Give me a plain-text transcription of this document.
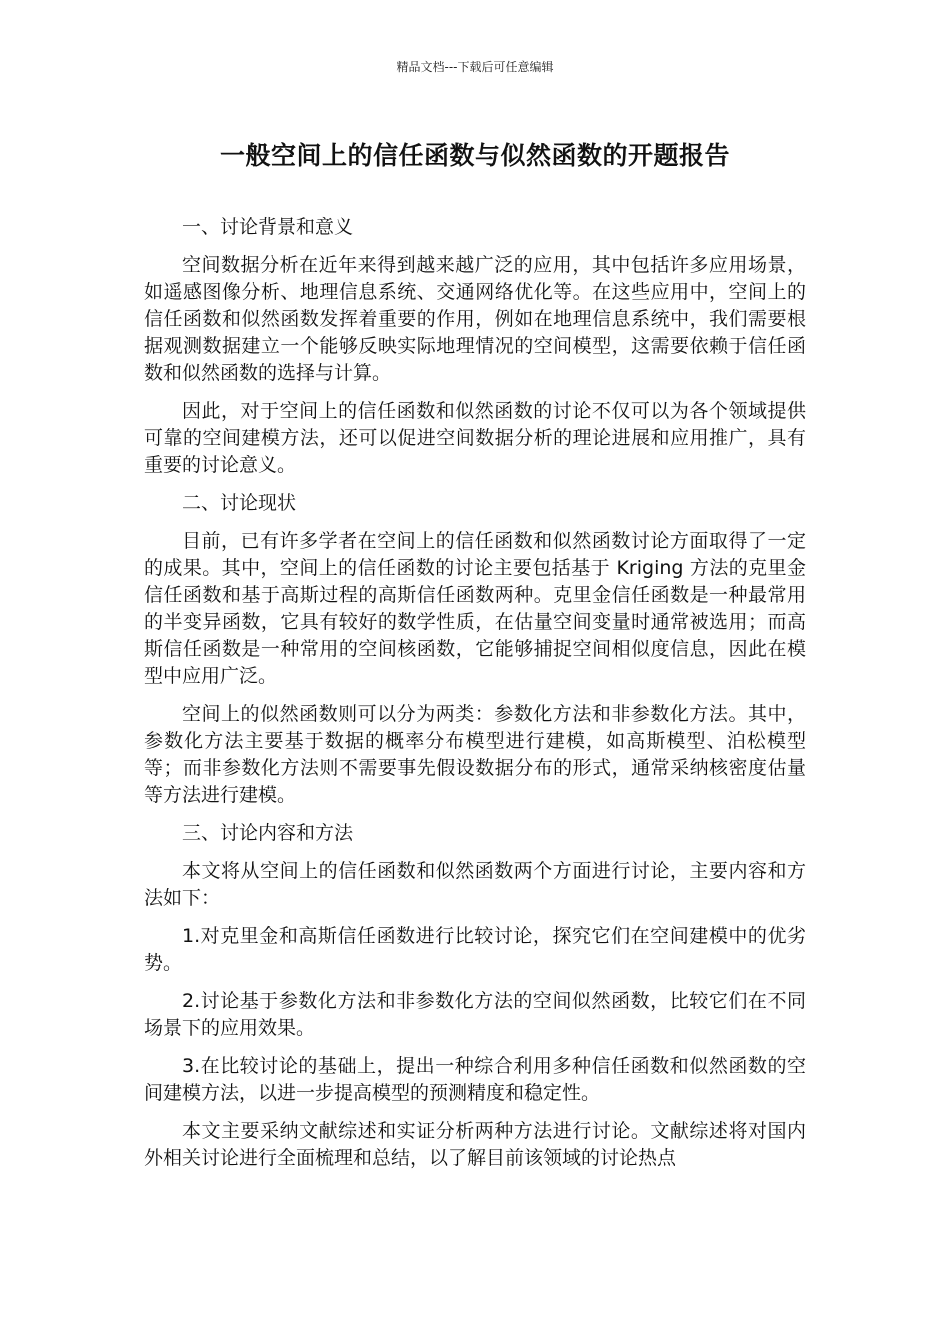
精品文档---下载后可任意编辑
一般空间上的信任函数与似然函数的开题报告

一、讨论背景和意义

空间数据分析在近年来得到越来越广泛的应用，其中包括许多应用场景，如遥感图像分析、地理信息系统、交通网络优化等。在这些应用中，空间上的信任函数和似然函数发挥着重要的作用，例如在地理信息系统中，我们需要根据观测数据建立一个能够反映实际地理情况的空间模型，这需要依赖于信任函数和似然函数的选择与计算。

因此，对于空间上的信任函数和似然函数的讨论不仅可以为各个领域提供可靠的空间建模方法，还可以促进空间数据分析的理论进展和应用推广，具有重要的讨论意义。

二、讨论现状

目前，已有许多学者在空间上的信任函数和似然函数讨论方面取得了一定的成果。其中，空间上的信任函数的讨论主要包括基于 Kriging 方法的克里金信任函数和基于高斯过程的高斯信任函数两种。克里金信任函数是一种最常用的半变异函数，它具有较好的数学性质，在估量空间变量时通常被选用；而高斯信任函数是一种常用的空间核函数，它能够捕捉空间相似度信息，因此在模型中应用广泛。

空间上的似然函数则可以分为两类：参数化方法和非参数化方法。其中，参数化方法主要基于数据的概率分布模型进行建模，如高斯模型、泊松模型等；而非参数化方法则不需要事先假设数据分布的形式，通常采纳核密度估量等方法进行建模。

三、讨论内容和方法

本文将从空间上的信任函数和似然函数两个方面进行讨论，主要内容和方法如下：

1.对克里金和高斯信任函数进行比较讨论，探究它们在空间建模中的优劣势。

2.讨论基于参数化方法和非参数化方法的空间似然函数，比较它们在不同场景下的应用效果。

3.在比较讨论的基础上，提出一种综合利用多种信任函数和似然函数的空间建模方法，以进一步提高模型的预测精度和稳定性。

本文主要采纳文献综述和实证分析两种方法进行讨论。文献综述将对国内外相关讨论进行全面梳理和总结，以了解目前该领域的讨论热点
